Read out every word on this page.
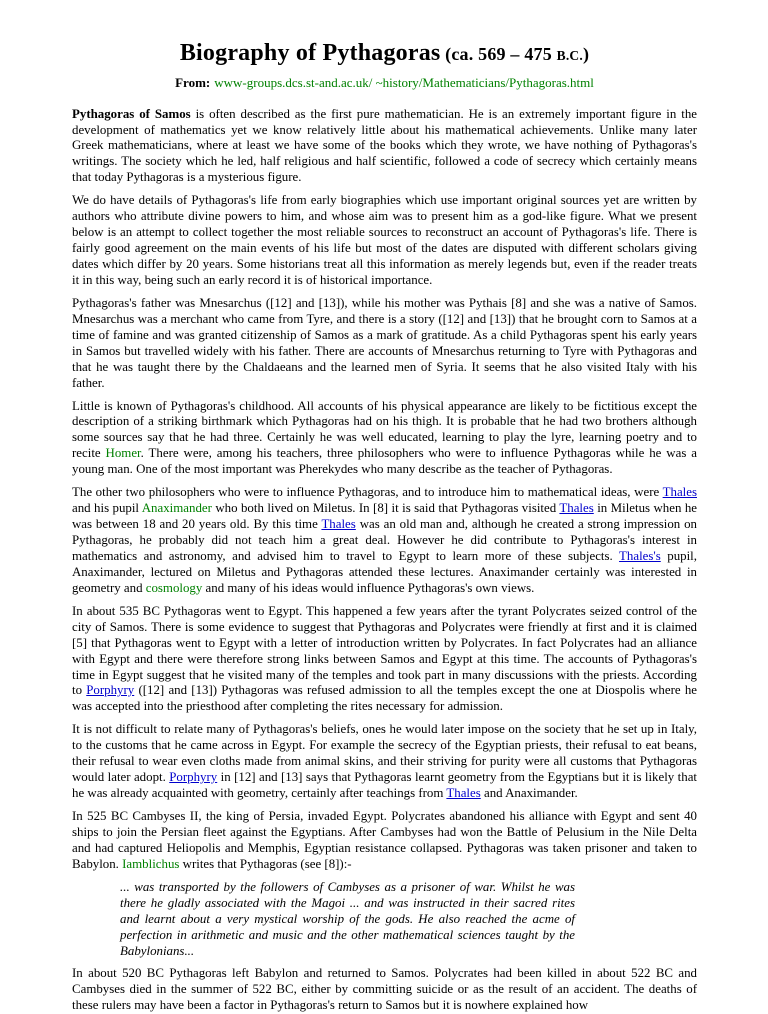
Biography of Pythagoras (ca. 569 – 475 B.C.)

From: www-groups.dcs.st-and.ac.uk/ ~history/Mathematicians/Pythagoras.html

Pythagoras of Samos is often described as the first pure mathematician. He is an extremely important figure in the development of mathematics yet we know relatively little about his mathematical achievements. Unlike many later Greek mathematicians, where at least we have some of the books which they wrote, we have nothing of Pythagoras's writings. The society which he led, half religious and half scientific, followed a code of secrecy which certainly means that today Pythagoras is a mysterious figure.

We do have details of Pythagoras's life from early biographies which use important original sources yet are written by authors who attribute divine powers to him, and whose aim was to present him as a god-like figure. What we present below is an attempt to collect together the most reliable sources to reconstruct an account of Pythagoras's life. There is fairly good agreement on the main events of his life but most of the dates are disputed with different scholars giving dates which differ by 20 years. Some historians treat all this information as merely legends but, even if the reader treats it in this way, being such an early record it is of historical importance.

Pythagoras's father was Mnesarchus ([12] and [13]), while his mother was Pythais [8] and she was a native of Samos. Mnesarchus was a merchant who came from Tyre, and there is a story ([12] and [13]) that he brought corn to Samos at a time of famine and was granted citizenship of Samos as a mark of gratitude. As a child Pythagoras spent his early years in Samos but travelled widely with his father. There are accounts of Mnesarchus returning to Tyre with Pythagoras and that he was taught there by the Chaldaeans and the learned men of Syria. It seems that he also visited Italy with his father.

Little is known of Pythagoras's childhood. All accounts of his physical appearance are likely to be fictitious except the description of a striking birthmark which Pythagoras had on his thigh. It is probable that he had two brothers although some sources say that he had three. Certainly he was well educated, learning to play the lyre, learning poetry and to recite Homer. There were, among his teachers, three philosophers who were to influence Pythagoras while he was a young man. One of the most important was Pherekydes who many describe as the teacher of Pythagoras.

The other two philosophers who were to influence Pythagoras, and to introduce him to mathematical ideas, were Thales and his pupil Anaximander who both lived on Miletus. In [8] it is said that Pythagoras visited Thales in Miletus when he was between 18 and 20 years old. By this time Thales was an old man and, although he created a strong impression on Pythagoras, he probably did not teach him a great deal. However he did contribute to Pythagoras's interest in mathematics and astronomy, and advised him to travel to Egypt to learn more of these subjects. Thales's pupil, Anaximander, lectured on Miletus and Pythagoras attended these lectures. Anaximander certainly was interested in geometry and cosmology and many of his ideas would influence Pythagoras's own views.

In about 535 BC Pythagoras went to Egypt. This happened a few years after the tyrant Polycrates seized control of the city of Samos. There is some evidence to suggest that Pythagoras and Polycrates were friendly at first and it is claimed [5] that Pythagoras went to Egypt with a letter of introduction written by Polycrates. In fact Polycrates had an alliance with Egypt and there were therefore strong links between Samos and Egypt at this time. The accounts of Pythagoras's time in Egypt suggest that he visited many of the temples and took part in many discussions with the priests. According to Porphyry ([12] and [13]) Pythagoras was refused admission to all the temples except the one at Diospolis where he was accepted into the priesthood after completing the rites necessary for admission.

It is not difficult to relate many of Pythagoras's beliefs, ones he would later impose on the society that he set up in Italy, to the customs that he came across in Egypt. For example the secrecy of the Egyptian priests, their refusal to eat beans, their refusal to wear even cloths made from animal skins, and their striving for purity were all customs that Pythagoras would later adopt. Porphyry in [12] and [13] says that Pythagoras learnt geometry from the Egyptians but it is likely that he was already acquainted with geometry, certainly after teachings from Thales and Anaximander.

In 525 BC Cambyses II, the king of Persia, invaded Egypt. Polycrates abandoned his alliance with Egypt and sent 40 ships to join the Persian fleet against the Egyptians. After Cambyses had won the Battle of Pelusium in the Nile Delta and had captured Heliopolis and Memphis, Egyptian resistance collapsed. Pythagoras was taken prisoner and taken to Babylon. Iamblichus writes that Pythagoras (see [8]):-

... was transported by the followers of Cambyses as a prisoner of war. Whilst he was there he gladly associated with the Magoi ... and was instructed in their sacred rites and learnt about a very mystical worship of the gods. He also reached the acme of perfection in arithmetic and music and the other mathematical sciences taught by the Babylonians...

In about 520 BC Pythagoras left Babylon and returned to Samos. Polycrates had been killed in about 522 BC and Cambyses died in the summer of 522 BC, either by committing suicide or as the result of an accident. The deaths of these rulers may have been a factor in Pythagoras's return to Samos but it is nowhere explained how
